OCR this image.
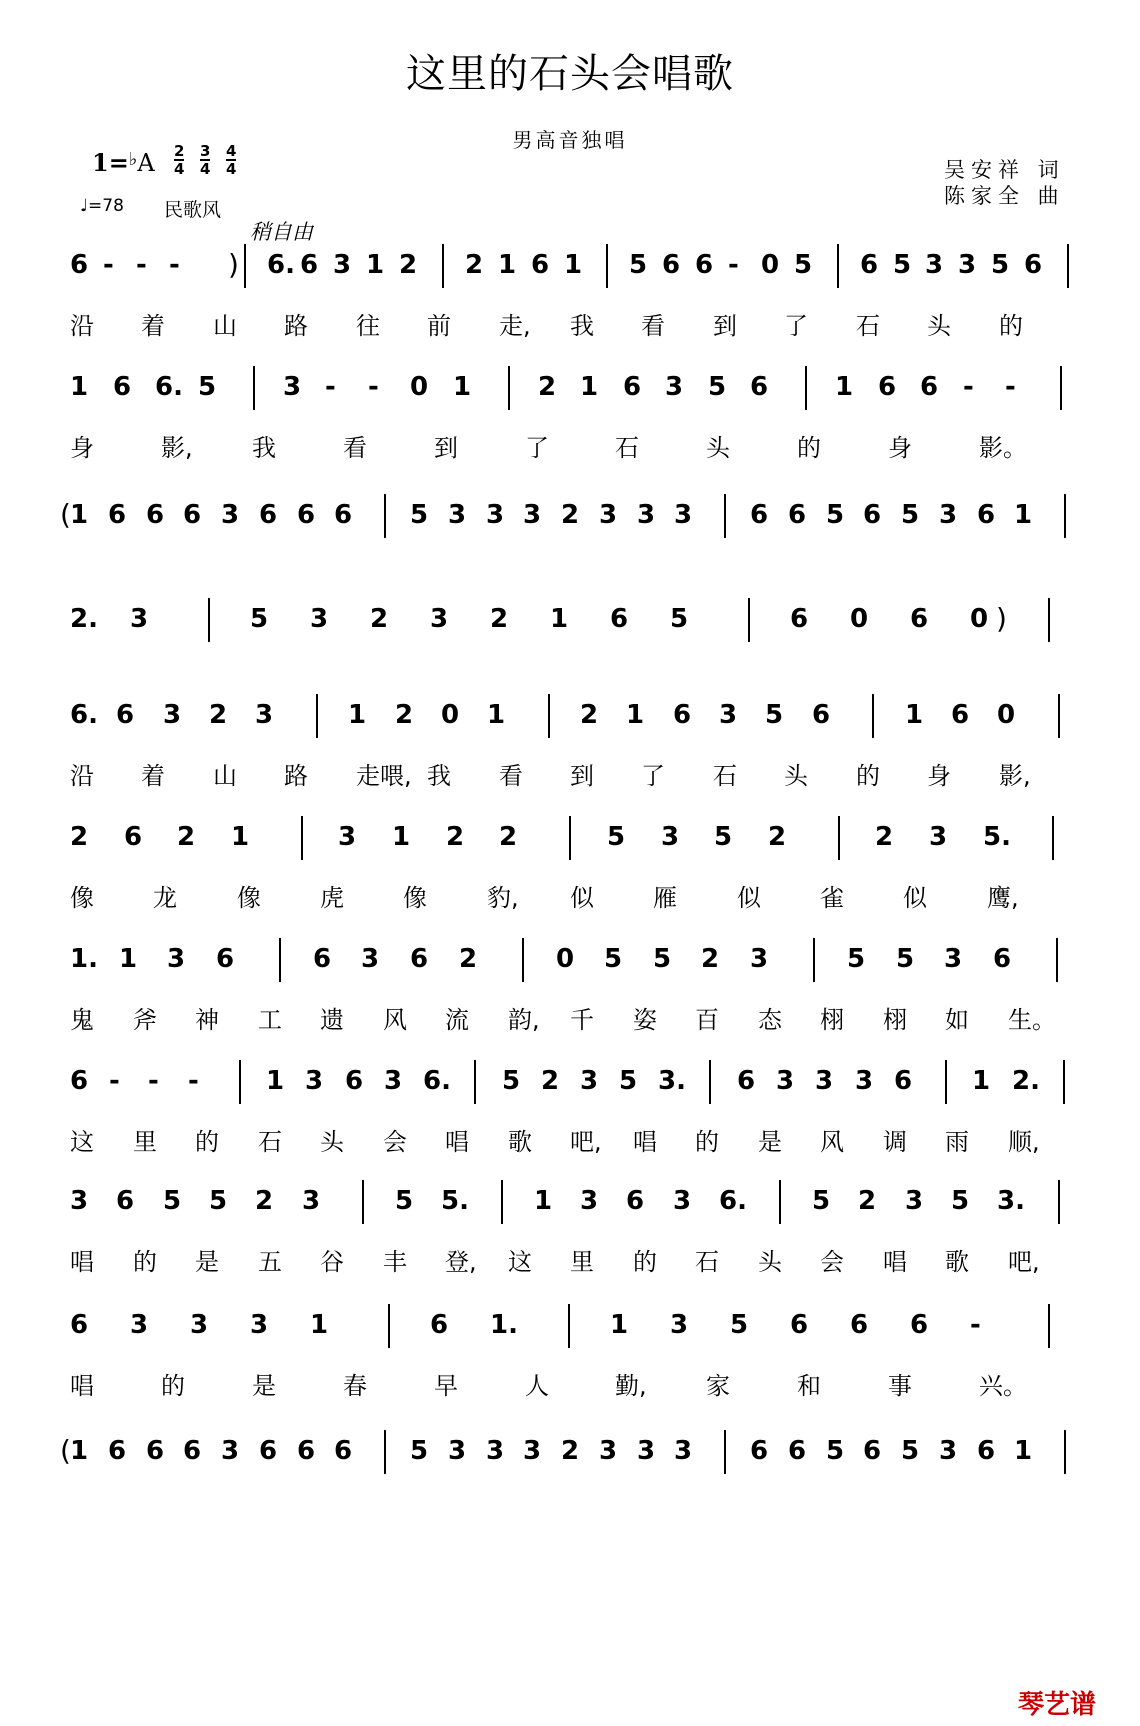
这里的石头会唱歌
男高音独唱
1=♭A 2
4
3
4
4
4
♩=78 民歌风
吴安祥 词
陈家全 曲
6 - - - ) 6. 6 3 1 2 2 1 6 1 5 6 6 - 0 5 6 5 3 3 5 6
沿 着 山 路 往 前 走, 我 看 到 了 石 头 的
稍自由
1 6 6. 5	3 - - 0 1	2 1 6 3 5 6	1 6 6 - -
身	影, 我	看	到	了	石	头	的	身	影。
( 1 6 6 6 3 6 6 6 5 3 3 3 2 3 3 3 6 6 5 6 5 3 6 1
2. 3	5 3 2 3 2 1 6 5	6 0 6 0 )
6. 6 3 2 3	1 2 0 1	2 1 6 3 5 6	1 6 0
沿 着 山 路 走喂, 我 看 到 了 石 头 的 身 影,
2 6 2 1	3 1 2 2	5 3 5 2	2 3 5.
像 龙	像 虎 像	豹, 似 雁	似 雀 似	鹰,
1. 1 3 6	6 3 6 2	0 5 5 2 3	5 5 3 6
鬼 斧 神 工 遗 风 流 韵, 千 姿 百 态 栩 栩 如 生。
6 - - -	1 3 6 3 6. 5 2 3 5 3. 6 3 3 3 6 1 2.
这 里 的 石 头 会 唱 歌 吧, 唱 的 是 风 调 雨 顺,
3 6 5 5 2 3	5 5.	1 3 6 3 6.	5 2 3 5 3.
唱 的 是 五 谷 丰 登, 这 里 的 石 头 会 唱 歌 吧,
6 3 3 3 1	6 1.	1 3 5 6 6 6 -
唱	的	是	春	早	人	勤, 家	和	事	兴。
( 1 6 6 6 3 6 6 6 5 3 3 3 2 3 3 3 6 6 5 6 5 3 6 1
琴艺谱
